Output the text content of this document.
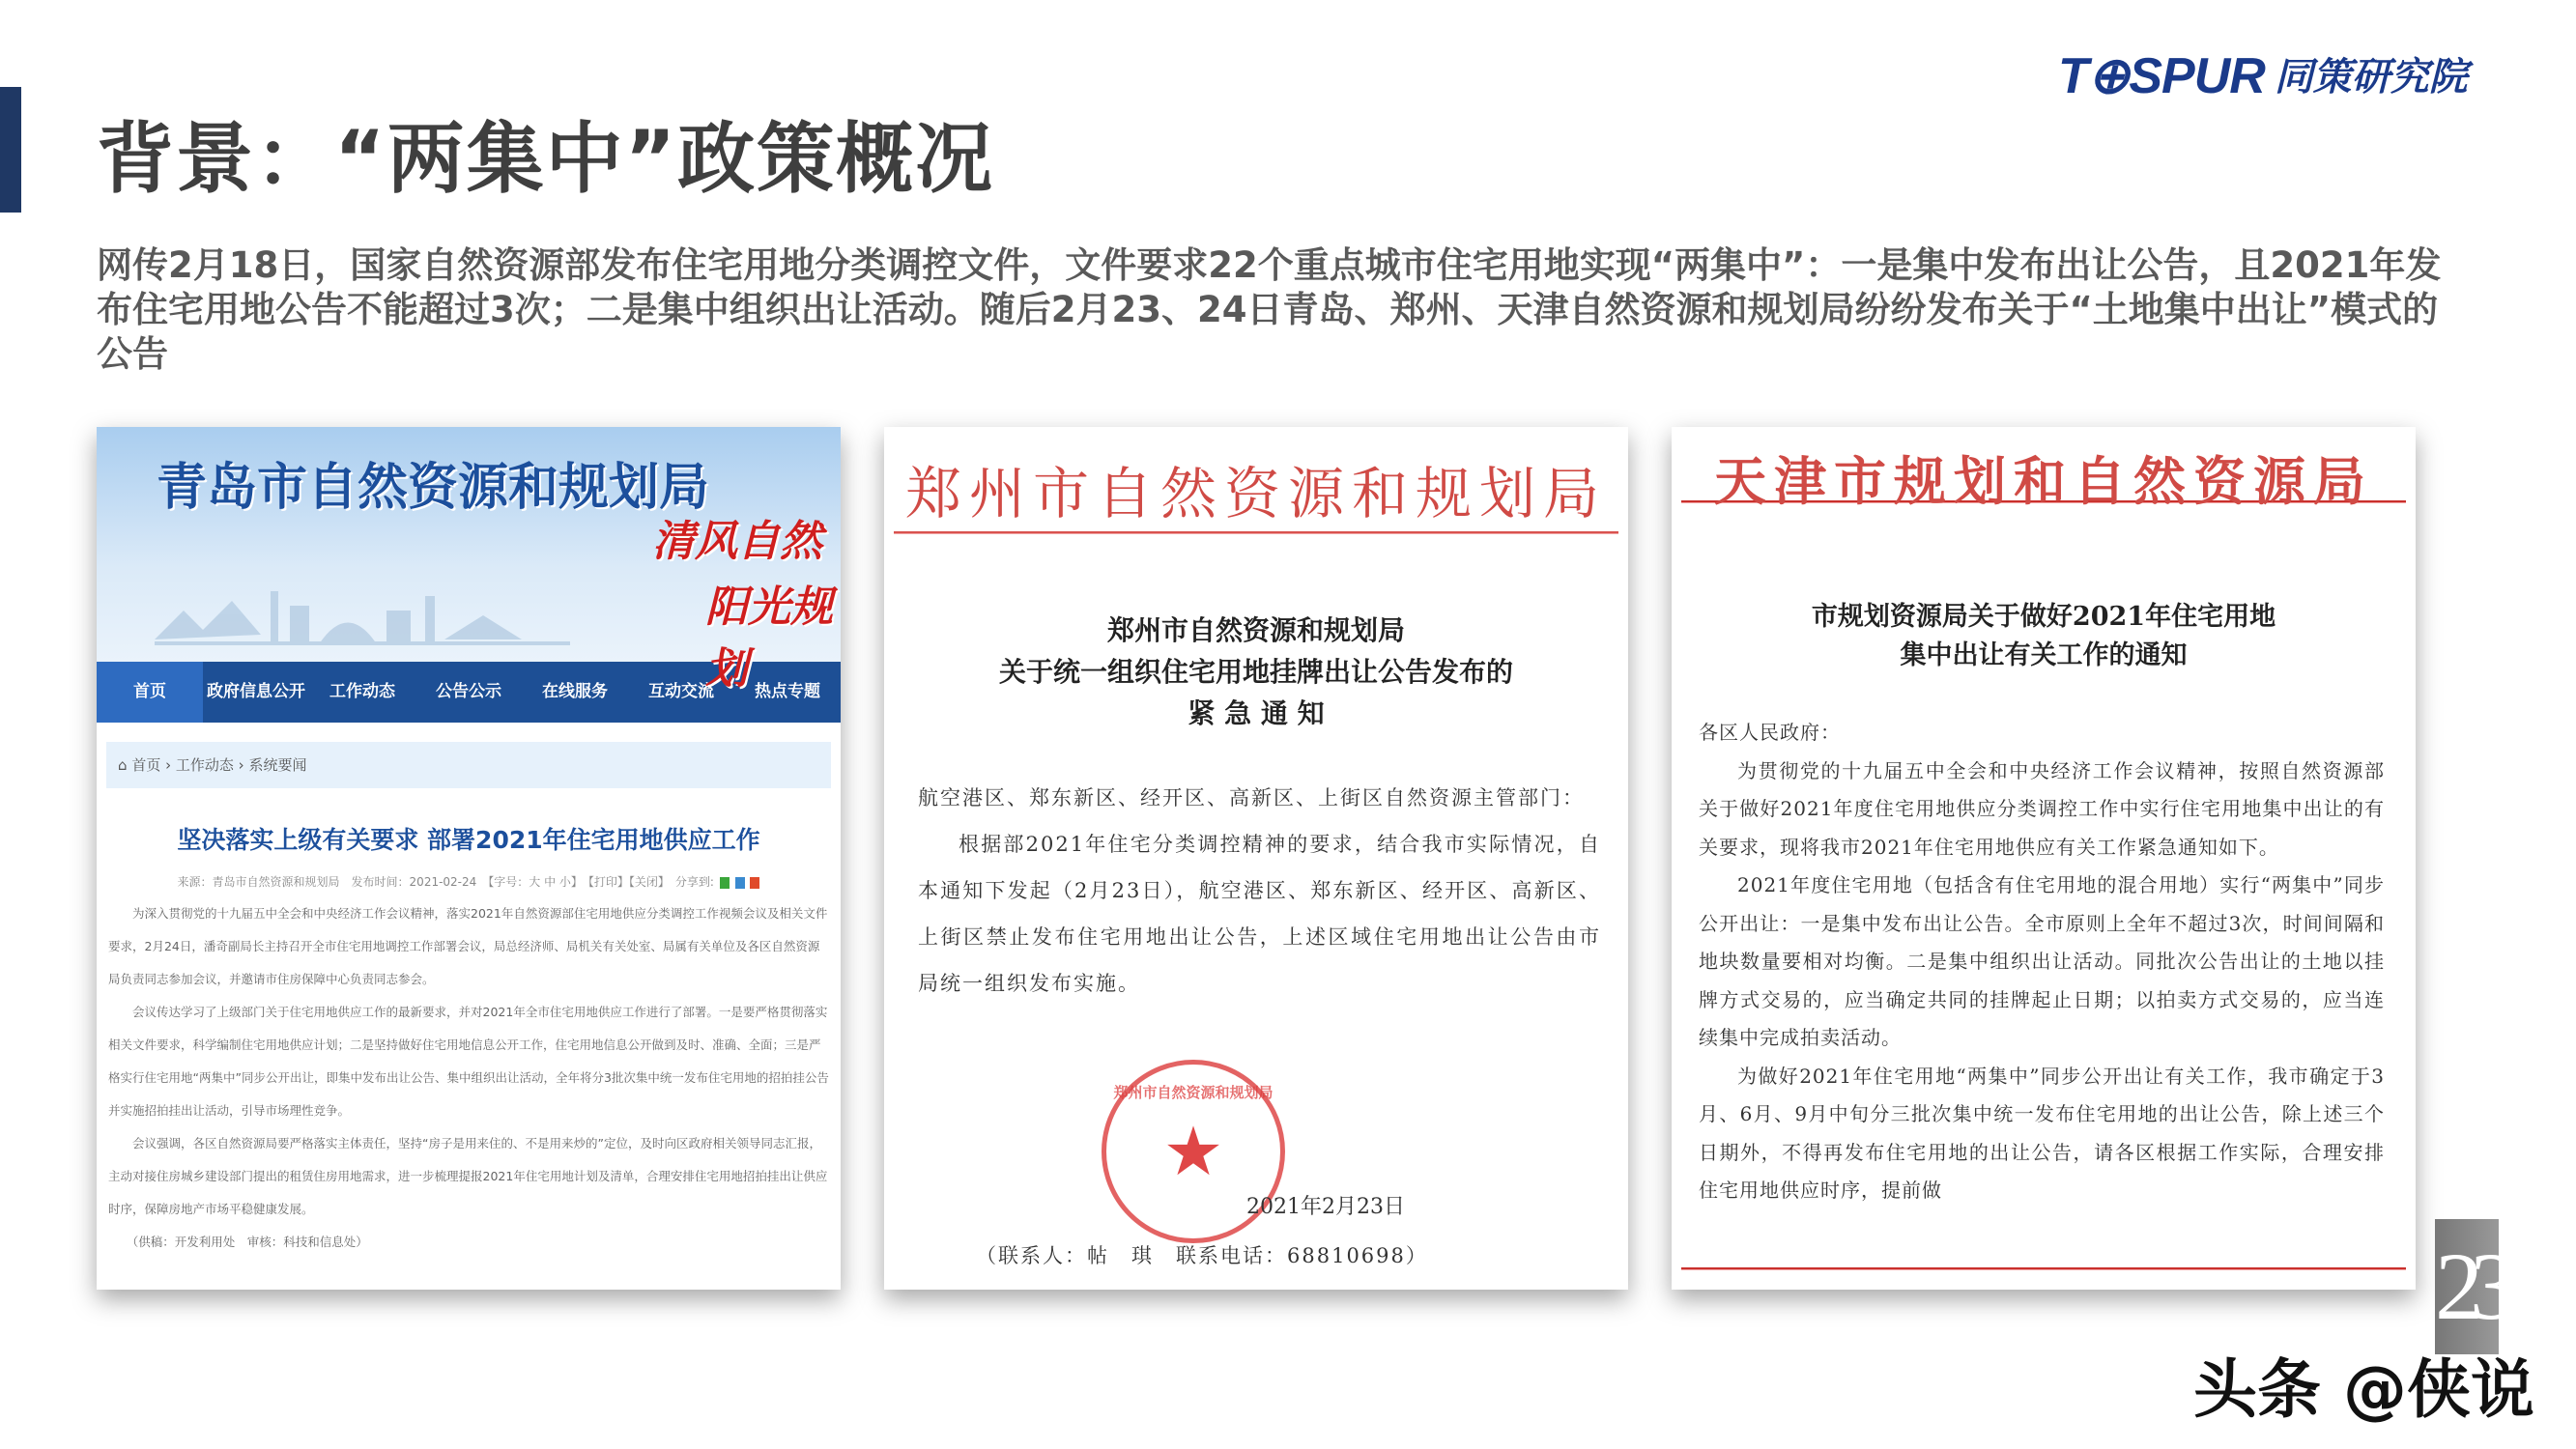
背景：“两集中”政策概况
T⊕SPUR 同策研究院

网传2月18日，国家自然资源部发布住宅用地分类调控文件，文件要求22个重点城市住宅用地实现“两集中”：一是集中发布出让公告，且2021年发布住宅用地公告不能超过3次；二是集中组织出让活动。随后2月23、24日青岛、郑州、天津自然资源和规划局纷纷发布关于“土地集中出让”模式的公告

青岛市自然资源和规划局
清风自然
阳光规划
首页	政府信息公开	工作动态	公告公示	在线服务	互动交流	热点专题
⌂ 首页 › 工作动态 › 系统要闻
坚决落实上级有关要求 部署2021年住宅用地供应工作
来源：青岛市自然资源和规划局　发布时间：2021-02-24　【字号：大 中 小】　【打印】【关闭】　分享到:

为深入贯彻党的十九届五中全会和中央经济工作会议精神，落实2021年自然资源部住宅用地供应分类调控工作视频会议及相关文件要求，2月24日，潘奇副局长主持召开全市住宅用地调控工作部署会议，局总经济师、局机关有关处室、局属有关单位及各区自然资源局负责同志参加会议，并邀请市住房保障中心负责同志参会。

会议传达学习了上级部门关于住宅用地供应工作的最新要求，并对2021年全市住宅用地供应工作进行了部署。一是要严格贯彻落实相关文件要求，科学编制住宅用地供应计划；二是坚持做好住宅用地信息公开工作，住宅用地信息公开做到及时、准确、全面；三是严格实行住宅用地“两集中”同步公开出让，即集中发布出让公告、集中组织出让活动，全年将分3批次集中统一发布住宅用地的招拍挂公告并实施招拍挂出让活动，引导市场理性竞争。

会议强调，各区自然资源局要严格落实主体责任，坚持“房子是用来住的、不是用来炒的”定位，及时向区政府相关领导同志汇报，主动对接住房城乡建设部门提出的租赁住房用地需求，进一步梳理提报2021年住宅用地计划及清单，合理安排住宅用地招拍挂出让供应时序，保障房地产市场平稳健康发展。

（供稿：开发利用处　审核：科技和信息处）

郑州市自然资源和规划局
郑州市自然资源和规划局
关于统一组织住宅用地挂牌出让公告发布的
紧 急 通 知

航空港区、郑东新区、经开区、高新区、上街区自然资源主管部门：

根据部2021年住宅分类调控精神的要求，结合我市实际情况，自本通知下发起（2月23日），航空港区、郑东新区、经开区、高新区、上街区禁止发布住宅用地出让公告，上述区域住宅用地出让公告由市局统一组织发布实施。

郑州市自然资源和规划局
★
2021年2月23日
（联系人：帖　琪　联系电话：68810698）
天津市规划和自然资源局
市规划资源局关于做好2021年住宅用地
集中出让有关工作的通知

各区人民政府：

为贯彻党的十九届五中全会和中央经济工作会议精神，按照自然资源部关于做好2021年度住宅用地供应分类调控工作中实行住宅用地集中出让的有关要求，现将我市2021年住宅用地供应有关工作紧急通知如下。

2021年度住宅用地（包括含有住宅用地的混合用地）实行“两集中”同步公开出让：一是集中发布出让公告。全市原则上全年不超过3次，时间间隔和地块数量要相对均衡。二是集中组织出让活动。同批次公告出让的土地以挂牌方式交易的，应当确定共同的挂牌起止日期；以拍卖方式交易的，应当连续集中完成拍卖活动。

为做好2021年住宅用地“两集中”同步公开出让有关工作，我市确定于3月、6月、9月中旬分三批次集中统一发布住宅用地的出让公告，除上述三个日期外，不得再发布住宅用地的出让公告，请各区根据工作实际，合理安排住宅用地供应时序，提前做

23
头条 @侠说
